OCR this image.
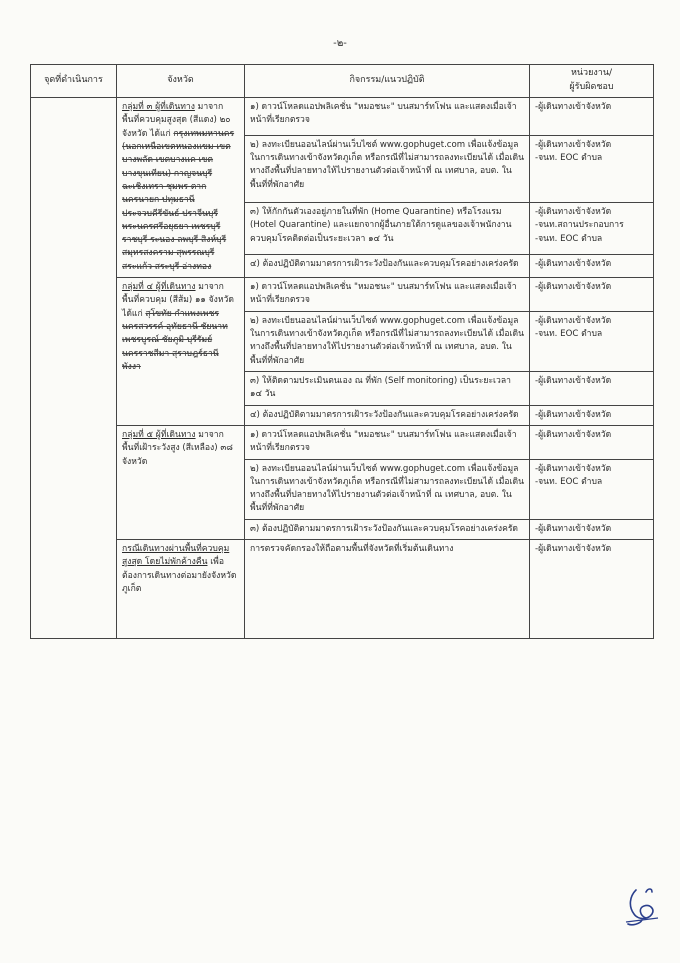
-๒-
จุดที่ดำเนินการ	จังหวัด	กิจกรรม/แนวปฏิบัติ	หน่วยงาน/
ผู้รับผิดชอบ
	กลุ่มที่ ๓ ผู้ที่เดินทาง มาจากพื้นที่ควบคุมสูงสุด (สีแดง) ๒๐ จังหวัด ได้แก่ กรุงเทพมหานคร (นอกเหนือเขตหนองแขม เขตบางพลัด เขตบางแค เขตบางขุนเทียน) กาญจนบุรี ฉะเชิงเทรา ชุมพร ตาก นครนายก ปทุมธานี ประจวบคีรีขันธ์ ปราจีนบุรี พระนครศรีอยุธยา เพชรบุรี ราชบุรี ระนอง ลพบุรี สิงห์บุรี สมุทรสงคราม สุพรรณบุรี สระแก้ว สระบุรี อ่างทอง	๑) ดาวน์โหลดแอปพลิเคชั่น "หมอชนะ" บนสมาร์ทโฟน และแสดงเมื่อเจ้าหน้าที่เรียกตรวจ	-ผู้เดินทางเข้าจังหวัด

		๒) ลงทะเบียนออนไลน์ผ่านเว็บไซต์ www.gophuget.com เพื่อแจ้งข้อมูลในการเดินทางเข้าจังหวัดภูเก็ต หรือกรณีที่ไม่สามารถลงทะเบียนได้ เมื่อเดินทางถึงพื้นที่ปลายทางให้ไปรายงานตัวต่อเจ้าหน้าที่ ณ เทศบาล, อบต. ในพื้นที่ที่พักอาศัย	-ผู้เดินทางเข้าจังหวัด
-จนท. EOC ตำบล

		๓) ให้กักกันตัวเองอยู่ภายในที่พัก (Home Quarantine) หรือโรงแรม (Hotel Quarantine) และแยกจากผู้อื่นภายใต้การดูแลของเจ้าพนักงานควบคุมโรคติดต่อเป็นระยะเวลา ๑๔ วัน	-ผู้เดินทางเข้าจังหวัด
-จนท.สถานประกอบการ
-จนท. EOC ตำบล

		๔) ต้องปฏิบัติตามมาตรการเฝ้าระวังป้องกันและควบคุมโรคอย่างเคร่งครัด	-ผู้เดินทางเข้าจังหวัด

	กลุ่มที่ ๔ ผู้ที่เดินทาง มาจากพื้นที่ควบคุม (สีส้ม) ๑๑ จังหวัด ได้แก่ สุโขทัย กำแพงเพชร นครสวรรค์ อุทัยธานี ชัยนาท เพชรบูรณ์ ชัยภูมิ บุรีรัมย์ นครราชสีมา สุราษฎร์ธานี พังงา	๑) ดาวน์โหลดแอปพลิเคชั่น "หมอชนะ" บนสมาร์ทโฟน และแสดงเมื่อเจ้าหน้าที่เรียกตรวจ	-ผู้เดินทางเข้าจังหวัด

		๒) ลงทะเบียนออนไลน์ผ่านเว็บไซต์ www.gophuget.com เพื่อแจ้งข้อมูลในการเดินทางเข้าจังหวัดภูเก็ต หรือกรณีที่ไม่สามารถลงทะเบียนได้ เมื่อเดินทางถึงพื้นที่ปลายทางให้ไปรายงานตัวต่อเจ้าหน้าที่ ณ เทศบาล, อบต. ในพื้นที่ที่พักอาศัย	-ผู้เดินทางเข้าจังหวัด
-จนท. EOC ตำบล

		๓) ให้ติดตามประเมินตนเอง ณ ที่พัก (Self monitoring) เป็นระยะเวลา ๑๔ วัน	-ผู้เดินทางเข้าจังหวัด

		๔) ต้องปฏิบัติตามมาตรการเฝ้าระวังป้องกันและควบคุมโรคอย่างเคร่งครัด	-ผู้เดินทางเข้าจังหวัด

	กลุ่มที่ ๕ ผู้ที่เดินทาง มาจากพื้นที่เฝ้าระวังสูง (สีเหลือง) ๓๘ จังหวัด	๑) ดาวน์โหลดแอปพลิเคชั่น "หมอชนะ" บนสมาร์ทโฟน และแสดงเมื่อเจ้าหน้าที่เรียกตรวจ	-ผู้เดินทางเข้าจังหวัด

		๒) ลงทะเบียนออนไลน์ผ่านเว็บไซต์ www.gophuget.com เพื่อแจ้งข้อมูลในการเดินทางเข้าจังหวัดภูเก็ต หรือกรณีที่ไม่สามารถลงทะเบียนได้ เมื่อเดินทางถึงพื้นที่ปลายทางให้ไปรายงานตัวต่อเจ้าหน้าที่ ณ เทศบาล, อบต. ในพื้นที่ที่พักอาศัย	-ผู้เดินทางเข้าจังหวัด
-จนท. EOC ตำบล

		๓) ต้องปฏิบัติตามมาตรการเฝ้าระวังป้องกันและควบคุมโรคอย่างเคร่งครัด	-ผู้เดินทางเข้าจังหวัด

	กรณีเดินทางผ่านพื้นที่ควบคุมสูงสุด โดยไม่พักค้างคืน เพื่อต้องการเดินทางต่อมายังจังหวัดภูเก็ต	การตรวจคัดกรองให้ถือตามพื้นที่จังหวัดที่เริ่มต้นเดินทาง	-ผู้เดินทางเข้าจังหวัด
